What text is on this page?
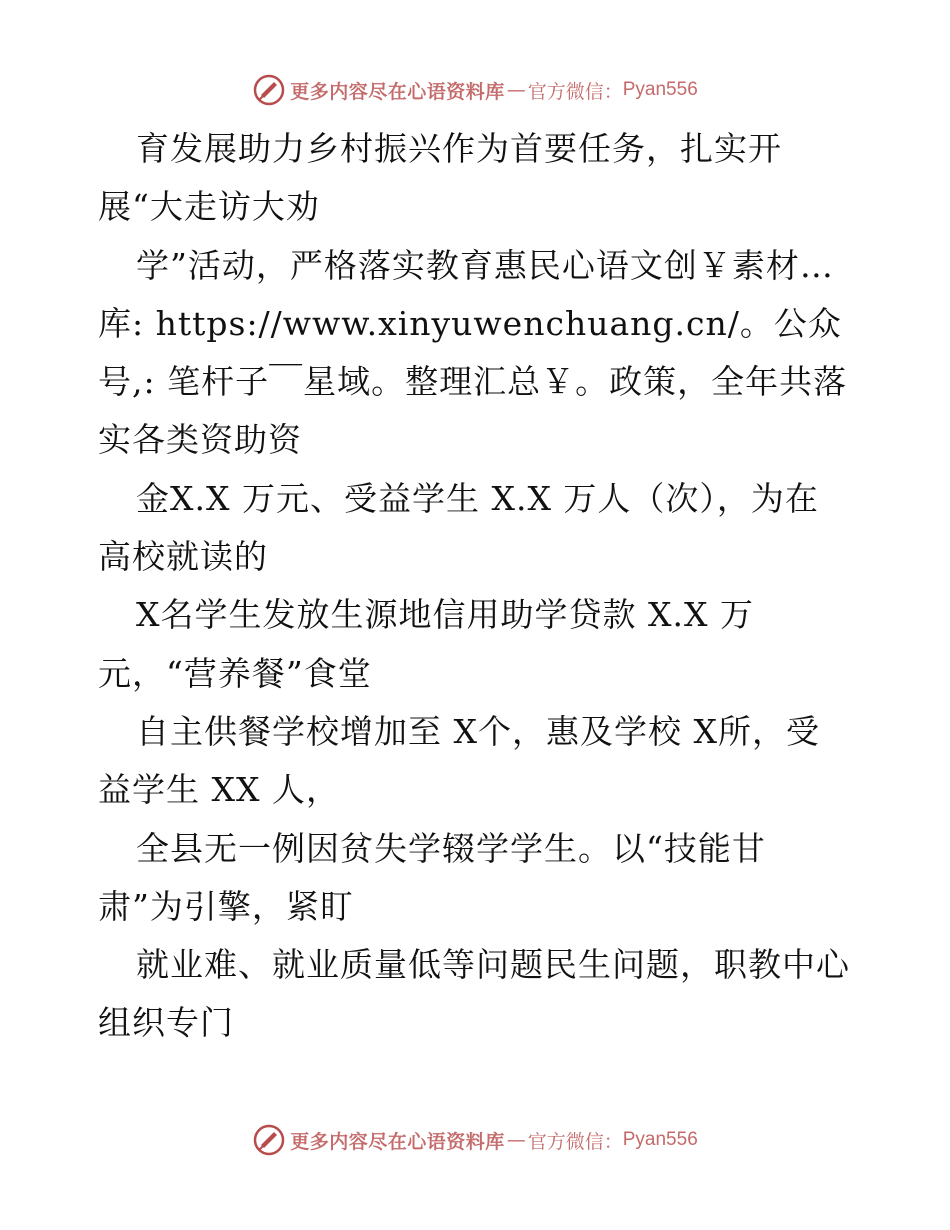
更多内容尽在心语资料库 — 官方微信： Pyan556
育发展助力乡村振兴作为首要任务，扎实开
展“大走访大劝
学”活动，严格落实教育惠民心语文创￥素材…
库: https://www.xinyuwenchuang.cn/。公众
号,: 笔杆子￣星域。整理汇总￥。政策，全年共落
实各类资助资
金X.X 万元、受益学生 X.X 万人（次），为在
高校就读的
X名学生发放生源地信用助学贷款 X.X 万
元，“营养餐”食堂
自主供餐学校增加至 X个，惠及学校 X所，受
益学生 XX 人，
全县无一例因贫失学辍学学生。以“技能甘
肃”为引擎，紧盯
就业难、就业质量低等问题民生问题，职教中心
组织专门
更多内容尽在心语资料库 — 官方微信： Pyan556
